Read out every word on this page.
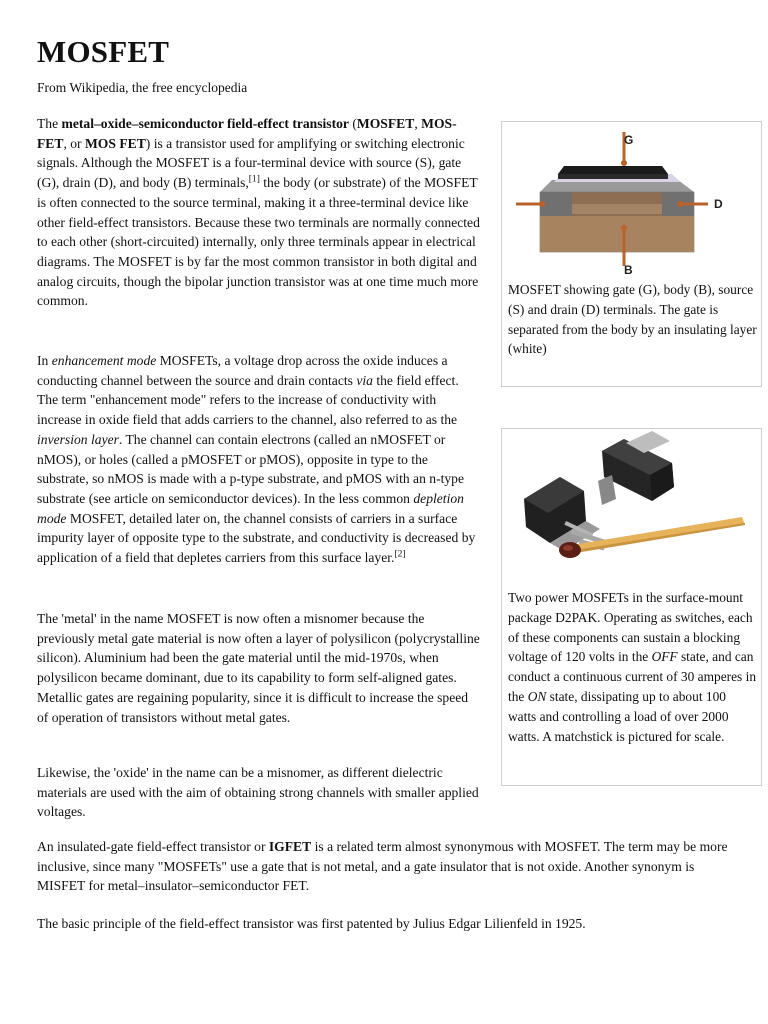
MOSFET
From Wikipedia, the free encyclopedia

The metal–oxide–semiconductor field-effect transistor (MOSFET, MOS-FET, or MOS FET) is a transistor used for amplifying or switching electronic signals. Although the MOSFET is a four-terminal device with source (S), gate (G), drain (D), and body (B) terminals,[1] the body (or substrate) of the MOSFET is often connected to the source terminal, making it a three-terminal device like other field-effect transistors. Because these two terminals are normally connected to each other (short-circuited) internally, only three terminals appear in electrical diagrams. The MOSFET is by far the most common transistor in both digital and analog circuits, though the bipolar junction transistor was at one time much more common.

In enhancement mode MOSFETs, a voltage drop across the oxide induces a conducting channel between the source and drain contacts via the field effect. The term "enhancement mode" refers to the increase of conductivity with increase in oxide field that adds carriers to the channel, also referred to as the inversion layer. The channel can contain electrons (called an nMOSFET or nMOS), or holes (called a pMOSFET or pMOS), opposite in type to the substrate, so nMOS is made with a p-type substrate, and pMOS with an n-type substrate (see article on semiconductor devices). In the less common depletion mode MOSFET, detailed later on, the channel consists of carriers in a surface impurity layer of opposite type to the substrate, and conductivity is decreased by application of a field that depletes carriers from this surface layer.[2]

The 'metal' in the name MOSFET is now often a misnomer because the previously metal gate material is now often a layer of polysilicon (polycrystalline silicon). Aluminium had been the gate material until the mid-1970s, when polysilicon became dominant, due to its capability to form self-aligned gates. Metallic gates are regaining popularity, since it is difficult to increase the speed of operation of transistors without metal gates.

Likewise, the 'oxide' in the name can be a misnomer, as different dielectric materials are used with the aim of obtaining strong channels with smaller applied voltages.

An insulated-gate field-effect transistor or IGFET is a related term almost synonymous with MOSFET. The term may be more inclusive, since many "MOSFETs" use a gate that is not metal, and a gate insulator that is not oxide. Another synonym is MISFET for metal–insulator–semiconductor FET.

The basic principle of the field-effect transistor was first patented by Julius Edgar Lilienfeld in 1925.

G
D
B
MOSFET showing gate (G), body (B), source (S) and drain (D) terminals. The gate is separated from the body by an insulating layer (white)
Two power MOSFETs in the surface-mount package D2PAK. Operating as switches, each of these components can sustain a blocking voltage of 120 volts in the OFF state, and can conduct a continuous current of 30 amperes in the ON state, dissipating up to about 100 watts and controlling a load of over 2000 watts. A matchstick is pictured for scale.
